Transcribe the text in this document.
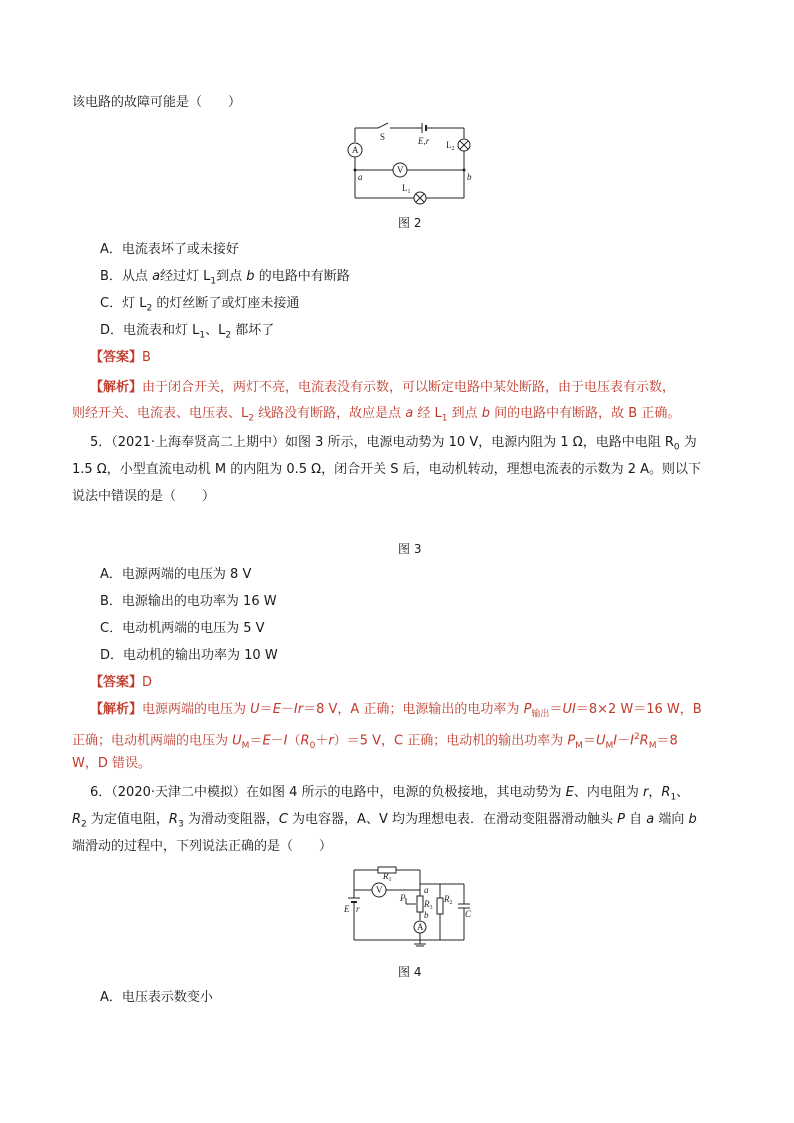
该电路的故障可能是（　　）
S	E,r
A
V
$L_2$
$L_1$
a	b
图 2
A．电流表坏了或未接好
B．从点 a经过灯 $L_1$到点 b 的电路中有断路
C．灯 $L_2$ 的灯丝断了或灯座未接通
D．电流表和灯 $L_1$、$L_2$ 都坏了
【答案】B
【解析】由于闭合开关，两灯不亮，电流表没有示数，可以断定电路中某处断路，由于电压表有示数，
则经开关、电流表、电压表、$L_2$ 线路没有断路，故应是点 a 经 $L_1$ 到点 b 间的电路中有断路，故 B 正确。
5．（2021·上海奉贤高二上期中）如图 3 所示，电源电动势为 10 V，电源内阻为 1 Ω，电路中电阻 $R_0$ 为
1.5 Ω，小型直流电动机 M 的内阻为 0.5 Ω，闭合开关 S 后，电动机转动，理想电流表的示数为 2 A。则以下
说法中错误的是（　　）
图 3
A．电源两端的电压为 8 V
B．电源输出的电功率为 16 W
C．电动机两端的电压为 5 V
D．电动机的输出功率为 10 W
【答案】D
【解析】电源两端的电压为 U＝E－Ir＝8 V，A 正确；电源输出的电功率为 $P_{输出}=UI=8\times 2$ W＝16 W，B
正确；电动机两端的电压为 $U_M=E-I(R_0+r)=5$ V，C 正确；电动机的输出功率为 $P_M=U_MI-I^2R_M=8$
W，D 错误。
6．（2020·天津二中模拟）在如图 4 所示的电路中，电源的负极接地，其电动势为 E、内电阻为 r，$R_1$、
$R_2$ 为定值电阻，$R_3$ 为滑动变阻器，C 为电容器，A、V 均为理想电表．在滑动变阻器滑动触头 P 自 a 端向 b
端滑动的过程中，下列说法正确的是（　　）
$R_1$
V	a
P
$R_3$
b
A
$R_2$
C
E r
图 4
A．电压表示数变小
